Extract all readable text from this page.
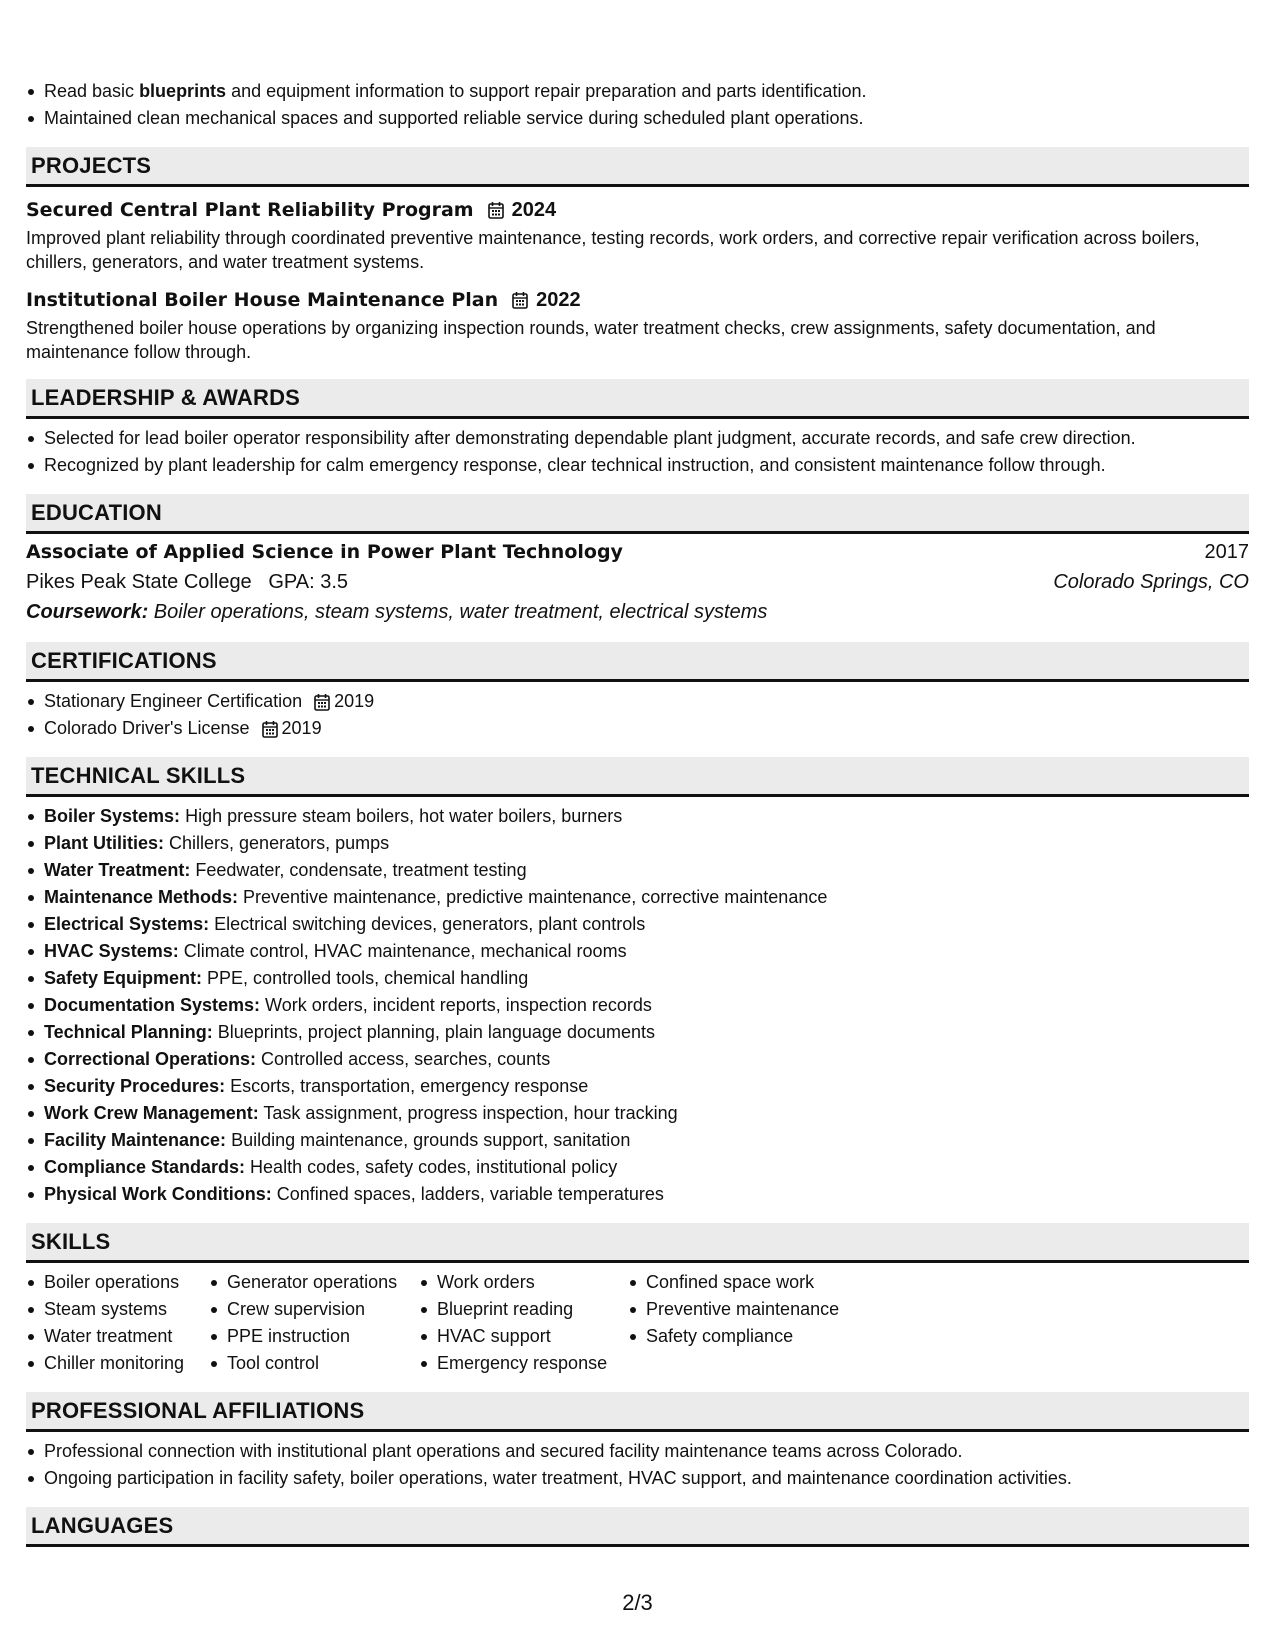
Read basic blueprints and equipment information to support repair preparation and parts identification.
Maintained clean mechanical spaces and supported reliable service during scheduled plant operations.
PROJECTS
Secured Central Plant Reliability Program 2024
Improved plant reliability through coordinated preventive maintenance, testing records, work orders, and corrective repair verification across boilers, chillers, generators, and water treatment systems.
Institutional Boiler House Maintenance Plan 2022
Strengthened boiler house operations by organizing inspection rounds, water treatment checks, crew assignments, safety documentation, and maintenance follow through.
LEADERSHIP & AWARDS
Selected for lead boiler operator responsibility after demonstrating dependable plant judgment, accurate records, and safe crew direction.
Recognized by plant leadership for calm emergency response, clear technical instruction, and consistent maintenance follow through.
EDUCATION
Associate of Applied Science in Power Plant Technology	2017
Pikes Peak State College GPA: 3.5	Colorado Springs, CO
Coursework: Boiler operations, steam systems, water treatment, electrical systems
CERTIFICATIONS
Stationary Engineer Certification 2019
Colorado Driver's License 2019
TECHNICAL SKILLS
Boiler Systems: High pressure steam boilers, hot water boilers, burners
Plant Utilities: Chillers, generators, pumps
Water Treatment: Feedwater, condensate, treatment testing
Maintenance Methods: Preventive maintenance, predictive maintenance, corrective maintenance
Electrical Systems: Electrical switching devices, generators, plant controls
HVAC Systems: Climate control, HVAC maintenance, mechanical rooms
Safety Equipment: PPE, controlled tools, chemical handling
Documentation Systems: Work orders, incident reports, inspection records
Technical Planning: Blueprints, project planning, plain language documents
Correctional Operations: Controlled access, searches, counts
Security Procedures: Escorts, transportation, emergency response
Work Crew Management: Task assignment, progress inspection, hour tracking
Facility Maintenance: Building maintenance, grounds support, sanitation
Compliance Standards: Health codes, safety codes, institutional policy
Physical Work Conditions: Confined spaces, ladders, variable temperatures
SKILLS
Boiler operations
Steam systems
Water treatment
Chiller monitoring
Generator operations
Crew supervision
PPE instruction
Tool control
Work orders
Blueprint reading
HVAC support
Emergency response
Confined space work
Preventive maintenance
Safety compliance
PROFESSIONAL AFFILIATIONS
Professional connection with institutional plant operations and secured facility maintenance teams across Colorado.
Ongoing participation in facility safety, boiler operations, water treatment, HVAC support, and maintenance coordination activities.
LANGUAGES
2/3
